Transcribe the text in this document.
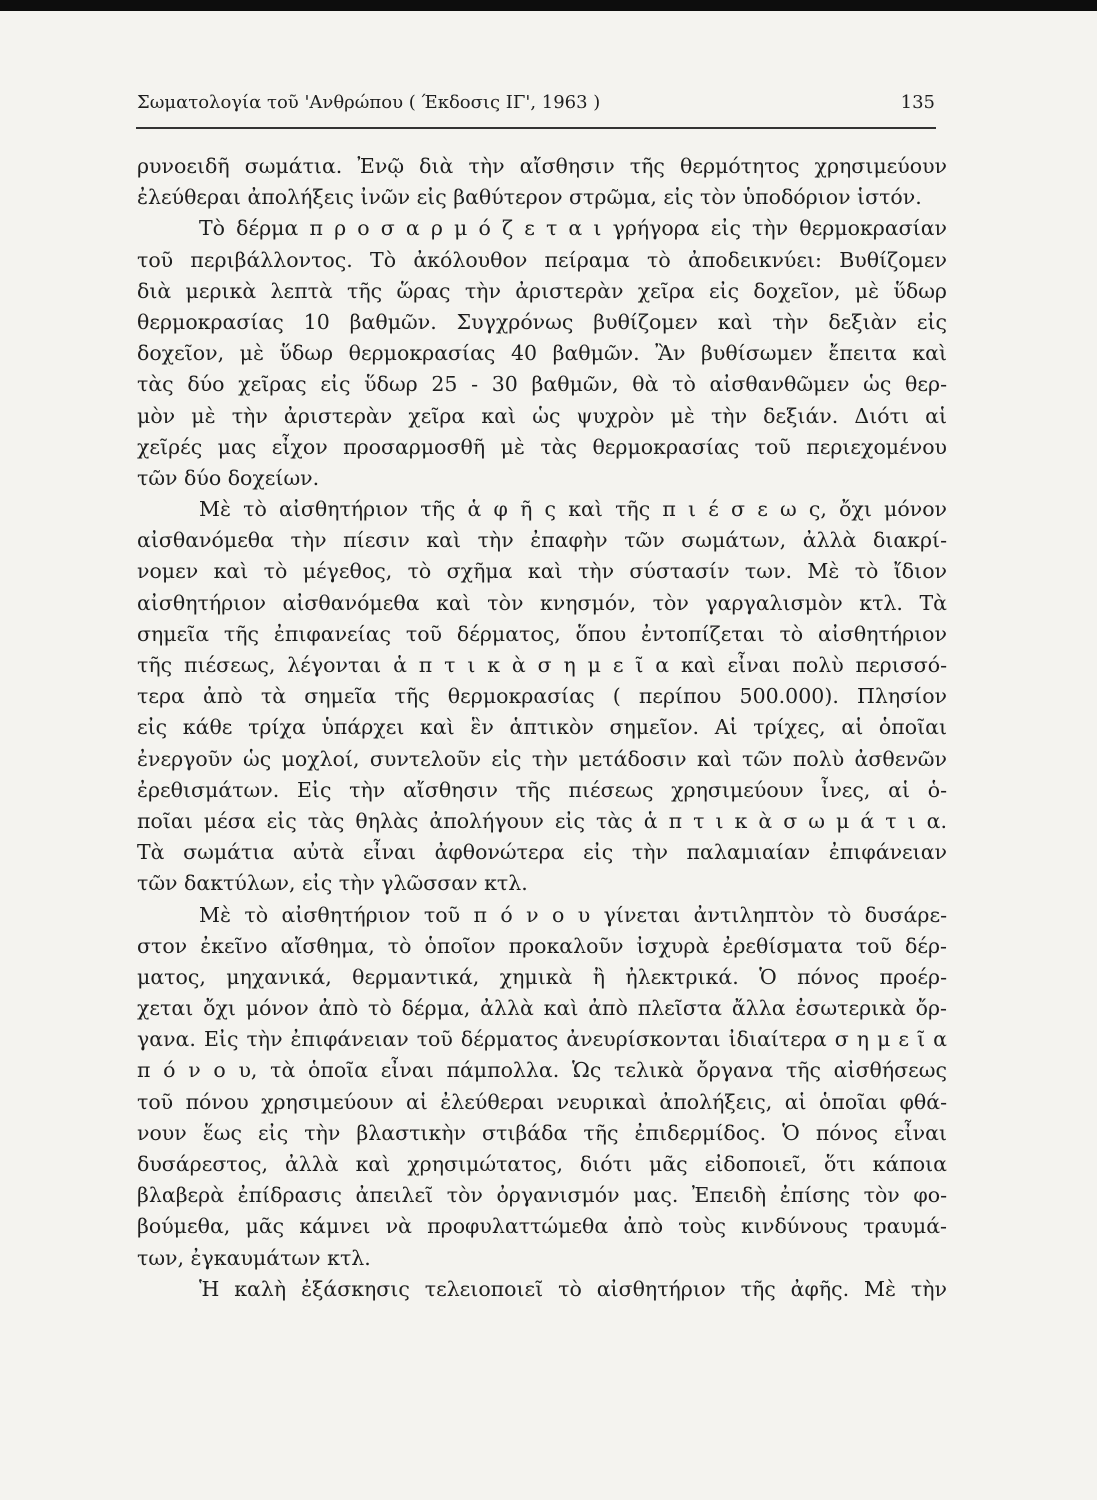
Σωματολογία τοῦ 'Ανθρώπου ( Έκδοσις ΙΓ', 1963 )	135
ρυνοειδῆ σωμάτια. Ἐνῷ διὰ τὴν αἴσθησιν τῆς θερμότητος χρησιμεύουν
ἐλεύθεραι ἀπολήξεις ἰνῶν εἰς βαθύτερον στρῶμα, εἰς τὸν ὑποδόριον ἱστόν.
Τὸ δέρμα π ρ ο σ α ρ μ ό ζ ε τ α ι γρήγορα εἰς τὴν θερμοκρασίαν
τοῦ περιβάλλοντος. Τὸ ἀκόλουθον πείραμα τὸ ἀποδεικνύει: Βυθίζομεν
διὰ μερικὰ λεπτὰ τῆς ὥρας τὴν ἀριστερὰν χεῖρα εἰς δοχεῖον, μὲ ὕδωρ
θερμοκρασίας 10 βαθμῶν. Συγχρόνως βυθίζομεν καὶ τὴν δεξιὰν εἰς
δοχεῖον, μὲ ὕδωρ θερμοκρασίας 40 βαθμῶν. Ἂν βυθίσωμεν ἔπειτα καὶ
τὰς δύο χεῖρας εἰς ὕδωρ 25 - 30 βαθμῶν, θὰ τὸ αἰσθανθῶμεν ὡς θερ-
μὸν μὲ τὴν ἀριστερὰν χεῖρα καὶ ὡς ψυχρὸν μὲ τὴν δεξιάν. Διότι αἱ
χεῖρές μας εἶχον προσαρμοσθῆ μὲ τὰς θερμοκρασίας τοῦ περιεχομένου
τῶν δύο δοχείων.
Μὲ τὸ αἰσθητήριον τῆς ἁ φ ῆ ς καὶ τῆς π ι έ σ ε ω ς, ὄχι μόνον
αἰσθανόμεθα τὴν πίεσιν καὶ τὴν ἐπαφὴν τῶν σωμάτων, ἀλλὰ διακρί-
νομεν καὶ τὸ μέγεθος, τὸ σχῆμα καὶ τὴν σύστασίν των. Μὲ τὸ ἴδιον
αἰσθητήριον αἰσθανόμεθα καὶ τὸν κνησμόν, τὸν γαργαλισμὸν κτλ. Τὰ
σημεῖα τῆς ἐπιφανείας τοῦ δέρματος, ὅπου ἐντοπίζεται τὸ αἰσθητήριον
τῆς πιέσεως, λέγονται ἁ π τ ι κ ὰ σ η μ ε ῖ α καὶ εἶναι πολὺ περισσό-
τερα ἀπὸ τὰ σημεῖα τῆς θερμοκρασίας ( περίπου 500.000). Πλησίον
εἰς κάθε τρίχα ὑπάρχει καὶ ἓν ἁπτικὸν σημεῖον. Αἱ τρίχες, αἱ ὁποῖαι
ἐνεργοῦν ὡς μοχλοί, συντελοῦν εἰς τὴν μετάδοσιν καὶ τῶν πολὺ ἀσθενῶν
ἐρεθισμάτων. Εἰς τὴν αἴσθησιν τῆς πιέσεως χρησιμεύουν ἶνες, αἱ ὁ-
ποῖαι μέσα εἰς τὰς θηλὰς ἀπολήγουν εἰς τὰς ἁ π τ ι κ ὰ σ ω μ ά τ ι α.
Τὰ σωμάτια αὐτὰ εἶναι ἀφθονώτερα εἰς τὴν παλαμιαίαν ἐπιφάνειαν
τῶν δακτύλων, εἰς τὴν γλῶσσαν κτλ.
Μὲ τὸ αἰσθητήριον τοῦ π ό ν ο υ γίνεται ἀντιληπτὸν τὸ δυσάρε-
στον ἐκεῖνο αἴσθημα, τὸ ὁποῖον προκαλοῦν ἰσχυρὰ ἐρεθίσματα τοῦ δέρ-
ματος, μηχανικά, θερμαντικά, χημικὰ ἢ ἠλεκτρικά. Ὁ πόνος προέρ-
χεται ὄχι μόνον ἀπὸ τὸ δέρμα, ἀλλὰ καὶ ἀπὸ πλεῖστα ἄλλα ἐσωτερικὰ ὄρ-
γανα. Εἰς τὴν ἐπιφάνειαν τοῦ δέρματος ἀνευρίσκονται ἰδιαίτερα σ η μ ε ῖ α
π ό ν ο υ, τὰ ὁποῖα εἶναι πάμπολλα. Ὡς τελικὰ ὄργανα τῆς αἰσθήσεως
τοῦ πόνου χρησιμεύουν αἱ ἐλεύθεραι νευρικαὶ ἀπολήξεις, αἱ ὁποῖαι φθά-
νουν ἕως εἰς τὴν βλαστικὴν στιβάδα τῆς ἐπιδερμίδος. Ὁ πόνος εἶναι
δυσάρεστος, ἀλλὰ καὶ χρησιμώτατος, διότι μᾶς εἰδοποιεῖ, ὅτι κάποια
βλαβερὰ ἐπίδρασις ἀπειλεῖ τὸν ὀργανισμόν μας. Ἐπειδὴ ἐπίσης τὸν φο-
βούμεθα, μᾶς κάμνει νὰ προφυλαττώμεθα ἀπὸ τοὺς κινδύνους τραυμά-
των, ἐγκαυμάτων κτλ.
Ἡ καλὴ ἐξάσκησις τελειοποιεῖ τὸ αἰσθητήριον τῆς ἀφῆς. Μὲ τὴν
